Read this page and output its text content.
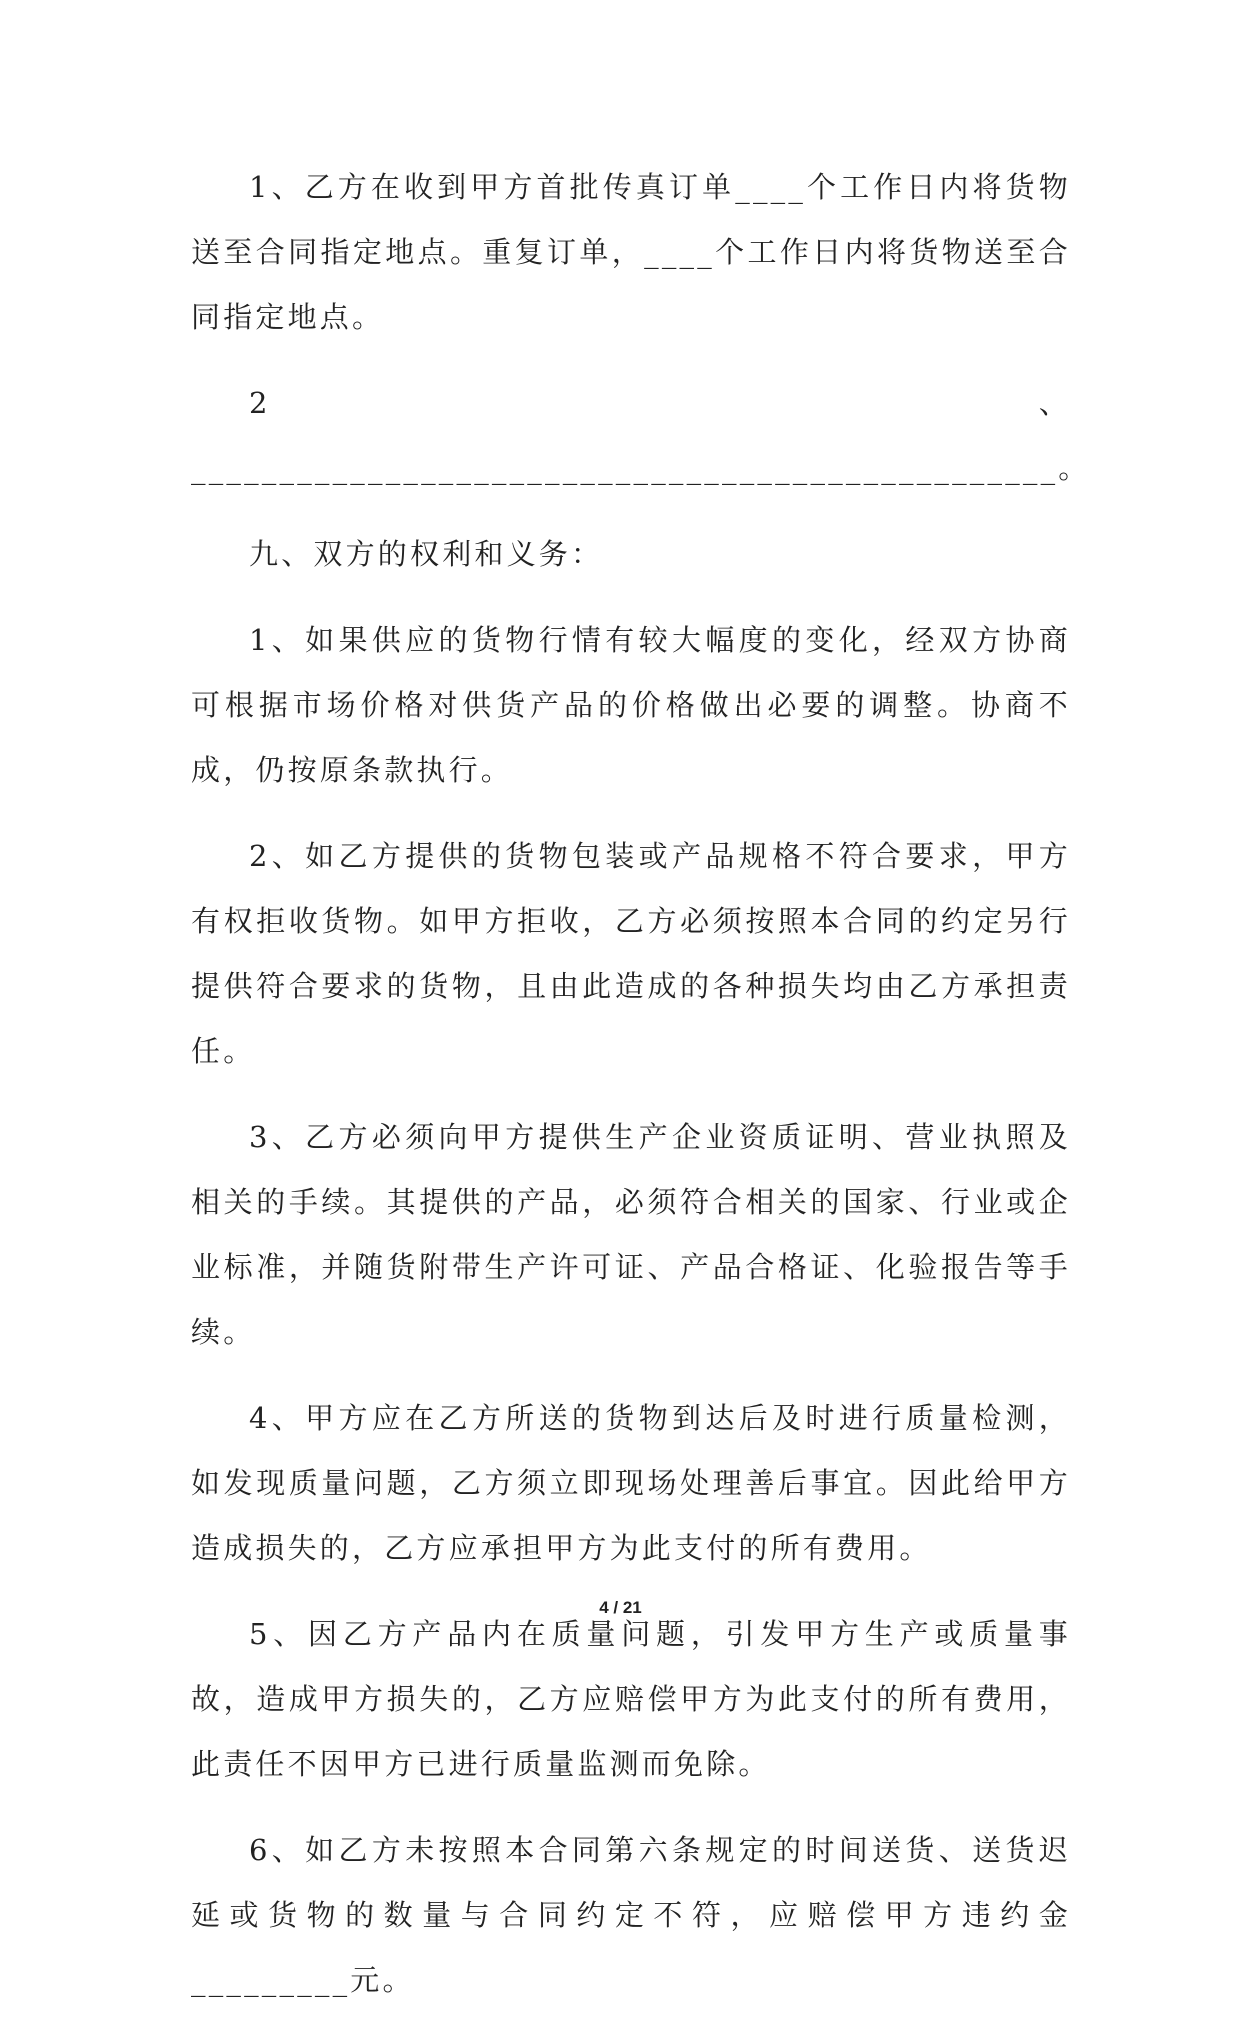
1、乙方在收到甲方首批传真订单____个工作日内将货物送至合同指定地点。重复订单，____个工作日内将货物送至合同指定地点。

2、_________________________________________________。

九、双方的权利和义务：

1、如果供应的货物行情有较大幅度的变化，经双方协商可根据市场价格对供货产品的价格做出必要的调整。协商不成，仍按原条款执行。

2、如乙方提供的货物包装或产品规格不符合要求，甲方有权拒收货物。如甲方拒收，乙方必须按照本合同的约定另行提供符合要求的货物，且由此造成的各种损失均由乙方承担责任。

3、乙方必须向甲方提供生产企业资质证明、营业执照及相关的手续。其提供的产品，必须符合相关的国家、行业或企业标准，并随货附带生产许可证、产品合格证、化验报告等手续。

4、甲方应在乙方所送的货物到达后及时进行质量检测，如发现质量问题，乙方须立即现场处理善后事宜。因此给甲方造成损失的，乙方应承担甲方为此支付的所有费用。

5、因乙方产品内在质量问题，引发甲方生产或质量事故，造成甲方损失的，乙方应赔偿甲方为此支付的所有费用，此责任不因甲方已进行质量监测而免除。

6、如乙方未按照本合同第六条规定的时间送货、送货迟延或货物的数量与合同约定不符，应赔偿甲方违约金_________元。

4 / 21
